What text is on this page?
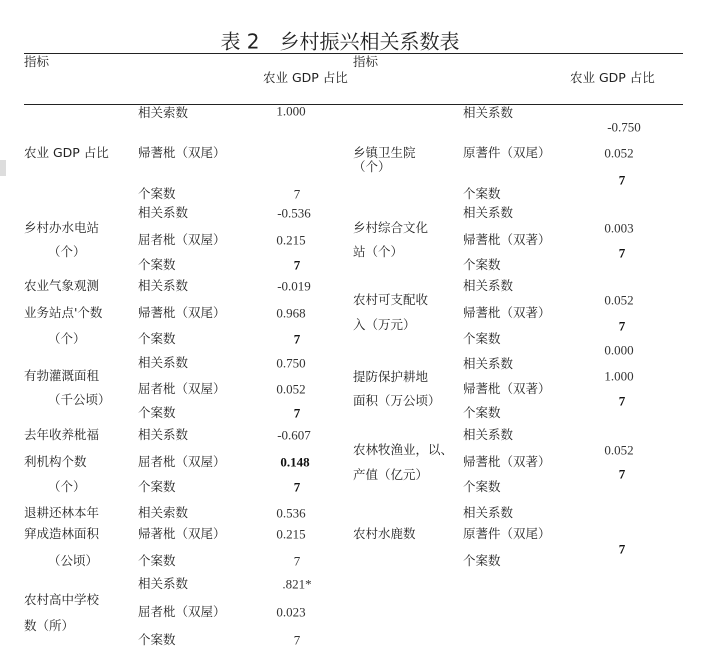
表 2 乡村振兴相关系数表
指标
农业 GDP 占比
指标
农业 GDP 占比
农业 GDP 占比
相关索数
帰蓍枇（双尾）
个案数
1.000
7
乡村办水电站
（个）
相关系数
屈者枇（双屋）
个案数
-0.536
0.215
7
农业气象观测
业务站点'个数
（个）
相关系数
帰蓍枇（双尾）
个案数
-0.019
0.968
7
有勃灌溉面租
（千公顷）
相关系数
屈者枇（双屋）
个案数
0.750
0.052
7
去年收养枇福
利机构个数
（个）
相关系数
屈者枇（双屋）
个案数
-0.607
0.148
7
退耕还林本年
穽成造林面积
（公顷）
相关索数
帰著枇（双尾）
个案数
0.536
0.215
7
农村高中学校
数（所）
相关系数
屈者枇（双屋）
个案数
.821*
0.023
7
乡镇卫生院
（个）
相关系数
原蓍件（双尾）
个案数
-0.750
0.052
7
乡村综合文化
站（个）
相关系数
帰蓍枇（双著）
个案数
0.003
7
农村可支配收
入（万元）
相关系数
帰蓍枇（双著）
个案数
0.052
7
提防保护耕地
面积（万公顷）
相关系数
帰蓍枇（双著）
个案数
0.000
1.000
7
农林牧渔业，以、
产值（亿元）
相关系数
帰蓍枇（双著）
个案数
0.052
7
农村水鹿数
相关系数
原蓍件（双尾）
个案数
7
